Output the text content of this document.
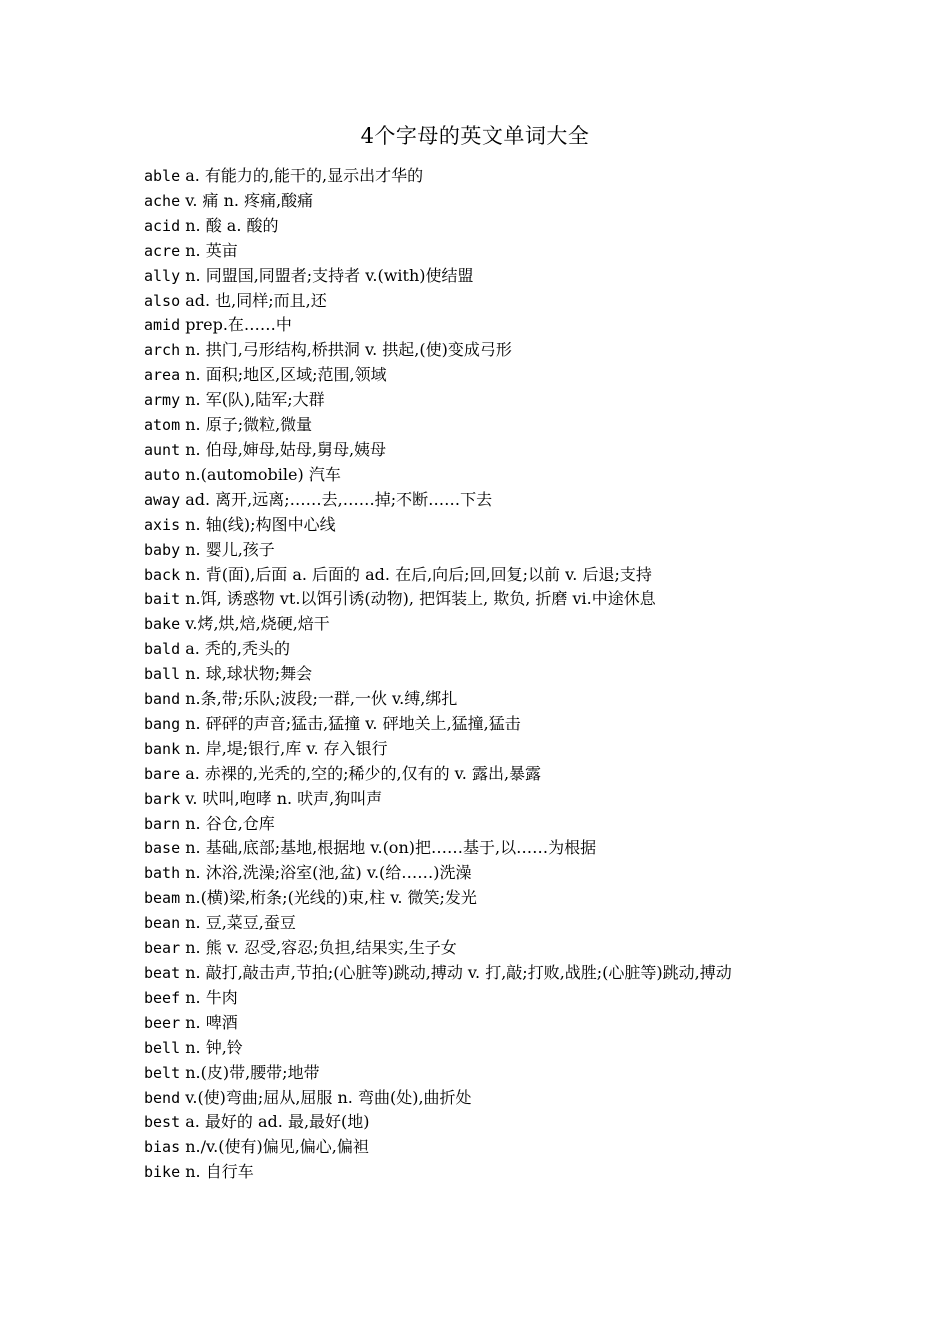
4个字母的英文单词大全
able a. 有能力的,能干的,显示出才华的
ache v. 痛 n. 疼痛,酸痛
acid n. 酸 a. 酸的
acre n. 英亩
ally n. 同盟国,同盟者;支持者 v.(with)使结盟
also ad. 也,同样;而且,还
amid prep.在……中
arch n. 拱门,弓形结构,桥拱洞 v. 拱起,(使)变成弓形
area n. 面积;地区,区域;范围,领域
army n. 军(队),陆军;大群
atom n. 原子;微粒,微量
aunt n. 伯母,婶母,姑母,舅母,姨母
auto n.(automobile) 汽车
away ad. 离开,远离;……去,……掉;不断……下去
axis n. 轴(线);构图中心线
baby n. 婴儿,孩子
back n. 背(面),后面 a. 后面的 ad. 在后,向后;回,回复;以前 v. 后退;支持
bait n.饵, 诱惑物 vt.以饵引诱(动物), 把饵装上, 欺负, 折磨 vi.中途休息
bake v.烤,烘,焙,烧硬,焙干
bald a. 秃的,秃头的
ball n. 球,球状物;舞会
band n.条,带;乐队;波段;一群,一伙 v.缚,绑扎
bang n. 砰砰的声音;猛击,猛撞 v. 砰地关上,猛撞,猛击
bank n. 岸,堤;银行,库 v. 存入银行
bare a. 赤裸的,光秃的,空的;稀少的,仅有的 v. 露出,暴露
bark v. 吠叫,咆哮 n. 吠声,狗叫声
barn n. 谷仓,仓库
base n. 基础,底部;基地,根据地 v.(on)把……基于,以……为根据
bath n. 沐浴,洗澡;浴室(池,盆) v.(给……)洗澡
beam n.(横)梁,桁条;(光线的)束,柱 v. 微笑;发光
bean n. 豆,菜豆,蚕豆
bear n. 熊 v. 忍受,容忍;负担,结果实,生子女
beat n. 敲打,敲击声,节拍;(心脏等)跳动,搏动 v. 打,敲;打败,战胜;(心脏等)跳动,搏动
beef n. 牛肉
beer n. 啤酒
bell n. 钟,铃
belt n.(皮)带,腰带;地带
bend v.(使)弯曲;屈从,屈服 n. 弯曲(处),曲折处
best a. 最好的 ad. 最,最好(地)
bias n./v.(使有)偏见,偏心,偏袒
bike n. 自行车
